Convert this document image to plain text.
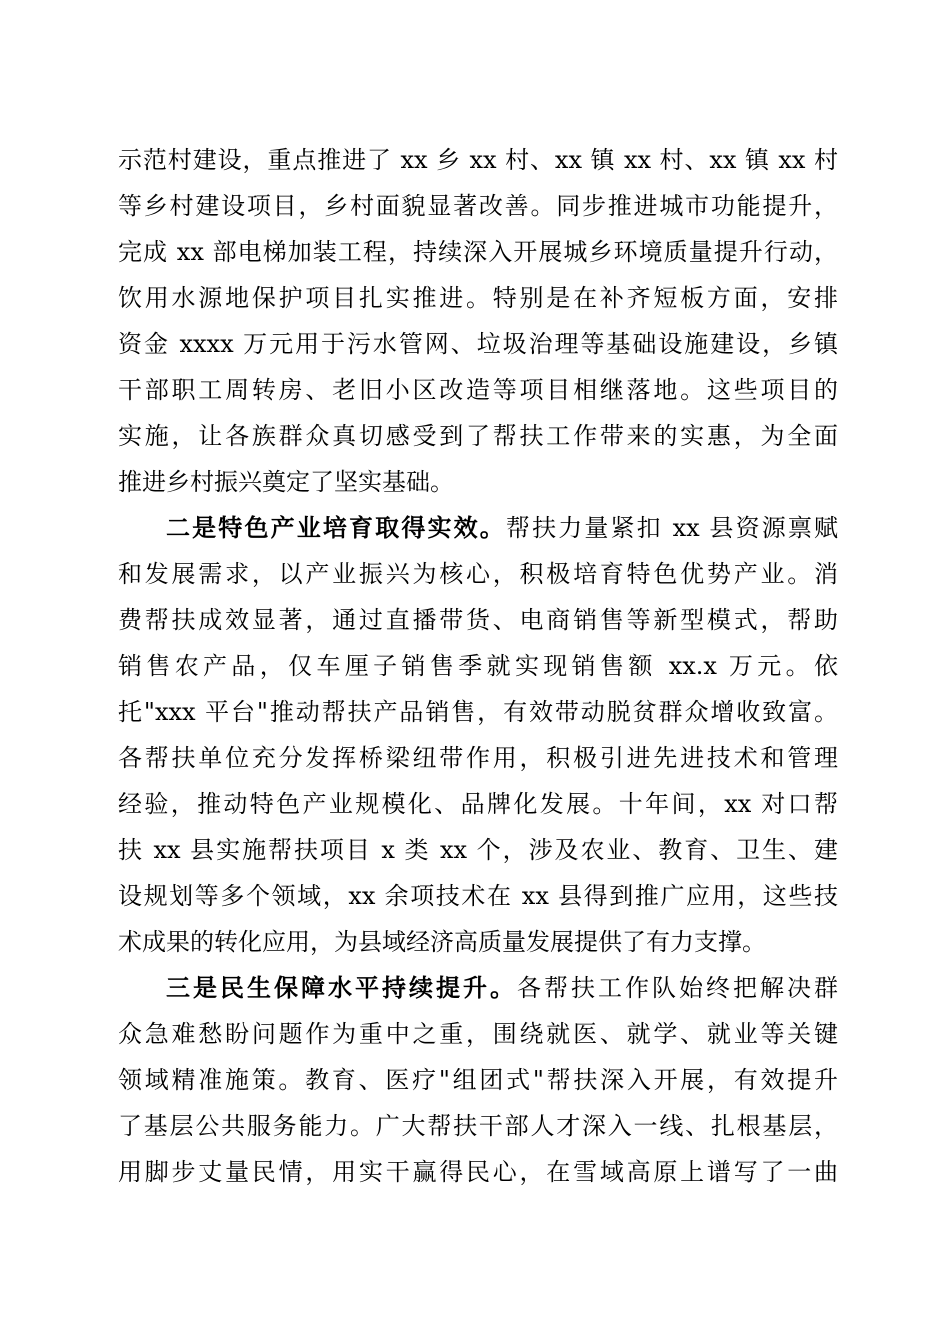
示范村建设，重点推进了 xx 乡 xx 村、xx 镇 xx 村、xx 镇 xx 村
等乡村建设项目，乡村面貌显著改善。同步推进城市功能提升，
完成 xx 部电梯加装工程，持续深入开展城乡环境质量提升行动，
饮用水源地保护项目扎实推进。特别是在补齐短板方面，安排
资金 xxxx 万元用于污水管网、垃圾治理等基础设施建设，乡镇
干部职工周转房、老旧小区改造等项目相继落地。这些项目的
实施，让各族群众真切感受到了帮扶工作带来的实惠，为全面
推进乡村振兴奠定了坚实基础。
二是特色产业培育取得实效。帮扶力量紧扣 xx 县资源禀赋
和发展需求，以产业振兴为核心，积极培育特色优势产业。消
费帮扶成效显著，通过直播带货、电商销售等新型模式，帮助
销售农产品，仅车厘子销售季就实现销售额 xx.x 万元。依
托"xxx 平台"推动帮扶产品销售，有效带动脱贫群众增收致富。
各帮扶单位充分发挥桥梁纽带作用，积极引进先进技术和管理
经验，推动特色产业规模化、品牌化发展。十年间，xx 对口帮
扶 xx 县实施帮扶项目 x 类 xx 个，涉及农业、教育、卫生、建
设规划等多个领域，xx 余项技术在 xx 县得到推广应用，这些技
术成果的转化应用，为县域经济高质量发展提供了有力支撑。
三是民生保障水平持续提升。各帮扶工作队始终把解决群
众急难愁盼问题作为重中之重，围绕就医、就学、就业等关键
领域精准施策。教育、医疗"组团式"帮扶深入开展，有效提升
了基层公共服务能力。广大帮扶干部人才深入一线、扎根基层，
用脚步丈量民情，用实干赢得民心，在雪域高原上谱写了一曲
